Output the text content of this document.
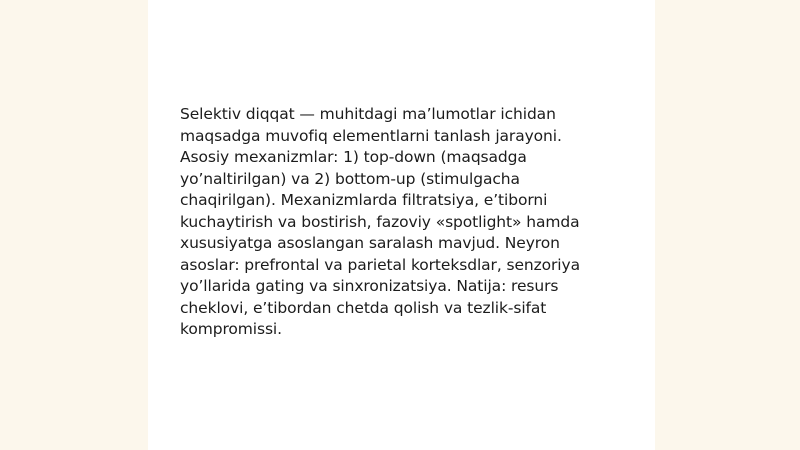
Selektiv diqqat — muhitdagi ma’lumotlar ichidan
maqsadga muvofiq elementlarni tanlash jarayoni.
Asosiy mexanizmlar: 1) top-down (maqsadga
yo’naltirilgan) va 2) bottom-up (stimulgacha
chaqirilgan). Mexanizmlarda filtratsiya, e’tiborni
kuchaytirish va bostirish, fazoviy «spotlight» hamda
xususiyatga asoslangan saralash mavjud. Neyron
asoslar: prefrontal va parietal korteksdlar, senzoriya
yo’llarida gating va sinxronizatsiya. Natija: resurs
cheklovi, e’tibordan chetda qolish va tezlik-sifat
kompromissi.
